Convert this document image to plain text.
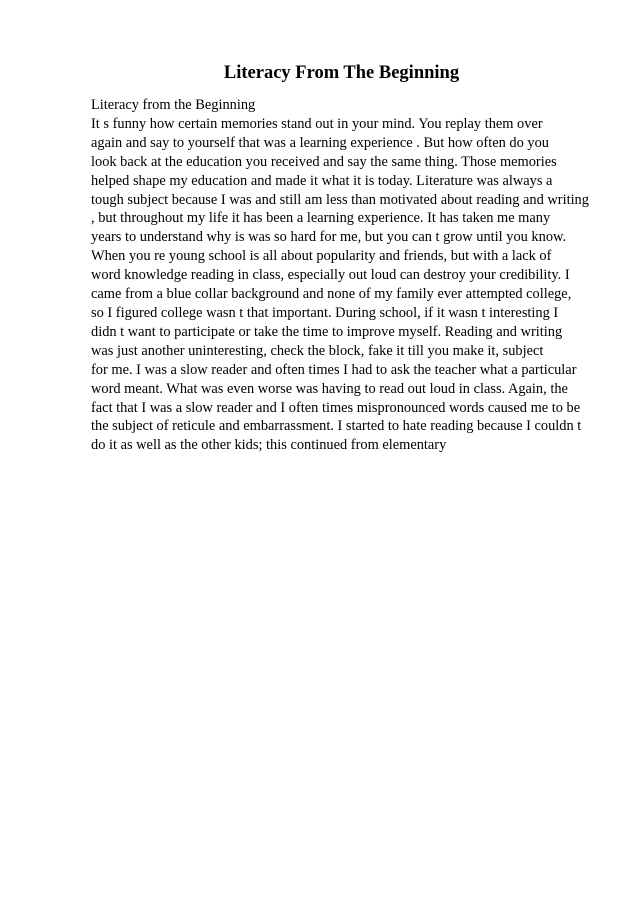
Literacy From The Beginning
Literacy from the Beginning
It s funny how certain memories stand out in your mind. You replay them over
again and say to yourself that was a learning experience . But how often do you
look back at the education you received and say the same thing. Those memories
helped shape my education and made it what it is today. Literature was always a
tough subject because I was and still am less than motivated about reading and writing
, but throughout my life it has been a learning experience. It has taken me many
years to understand why is was so hard for me, but you can t grow until you know.
When you re young school is all about popularity and friends, but with a lack of
word knowledge reading in class, especially out loud can destroy your credibility. I
came from a blue collar background and none of my family ever attempted college,
so I figured college wasn t that important. During school, if it wasn t interesting I
didn t want to participate or take the time to improve myself. Reading and writing
was just another uninteresting, check the block, fake it till you make it, subject
for me. I was a slow reader and often times I had to ask the teacher what a particular
word meant. What was even worse was having to read out loud in class. Again, the
fact that I was a slow reader and I often times mispronounced words caused me to be
the subject of reticule and embarrassment. I started to hate reading because I couldn t
do it as well as the other kids; this continued from elementary
